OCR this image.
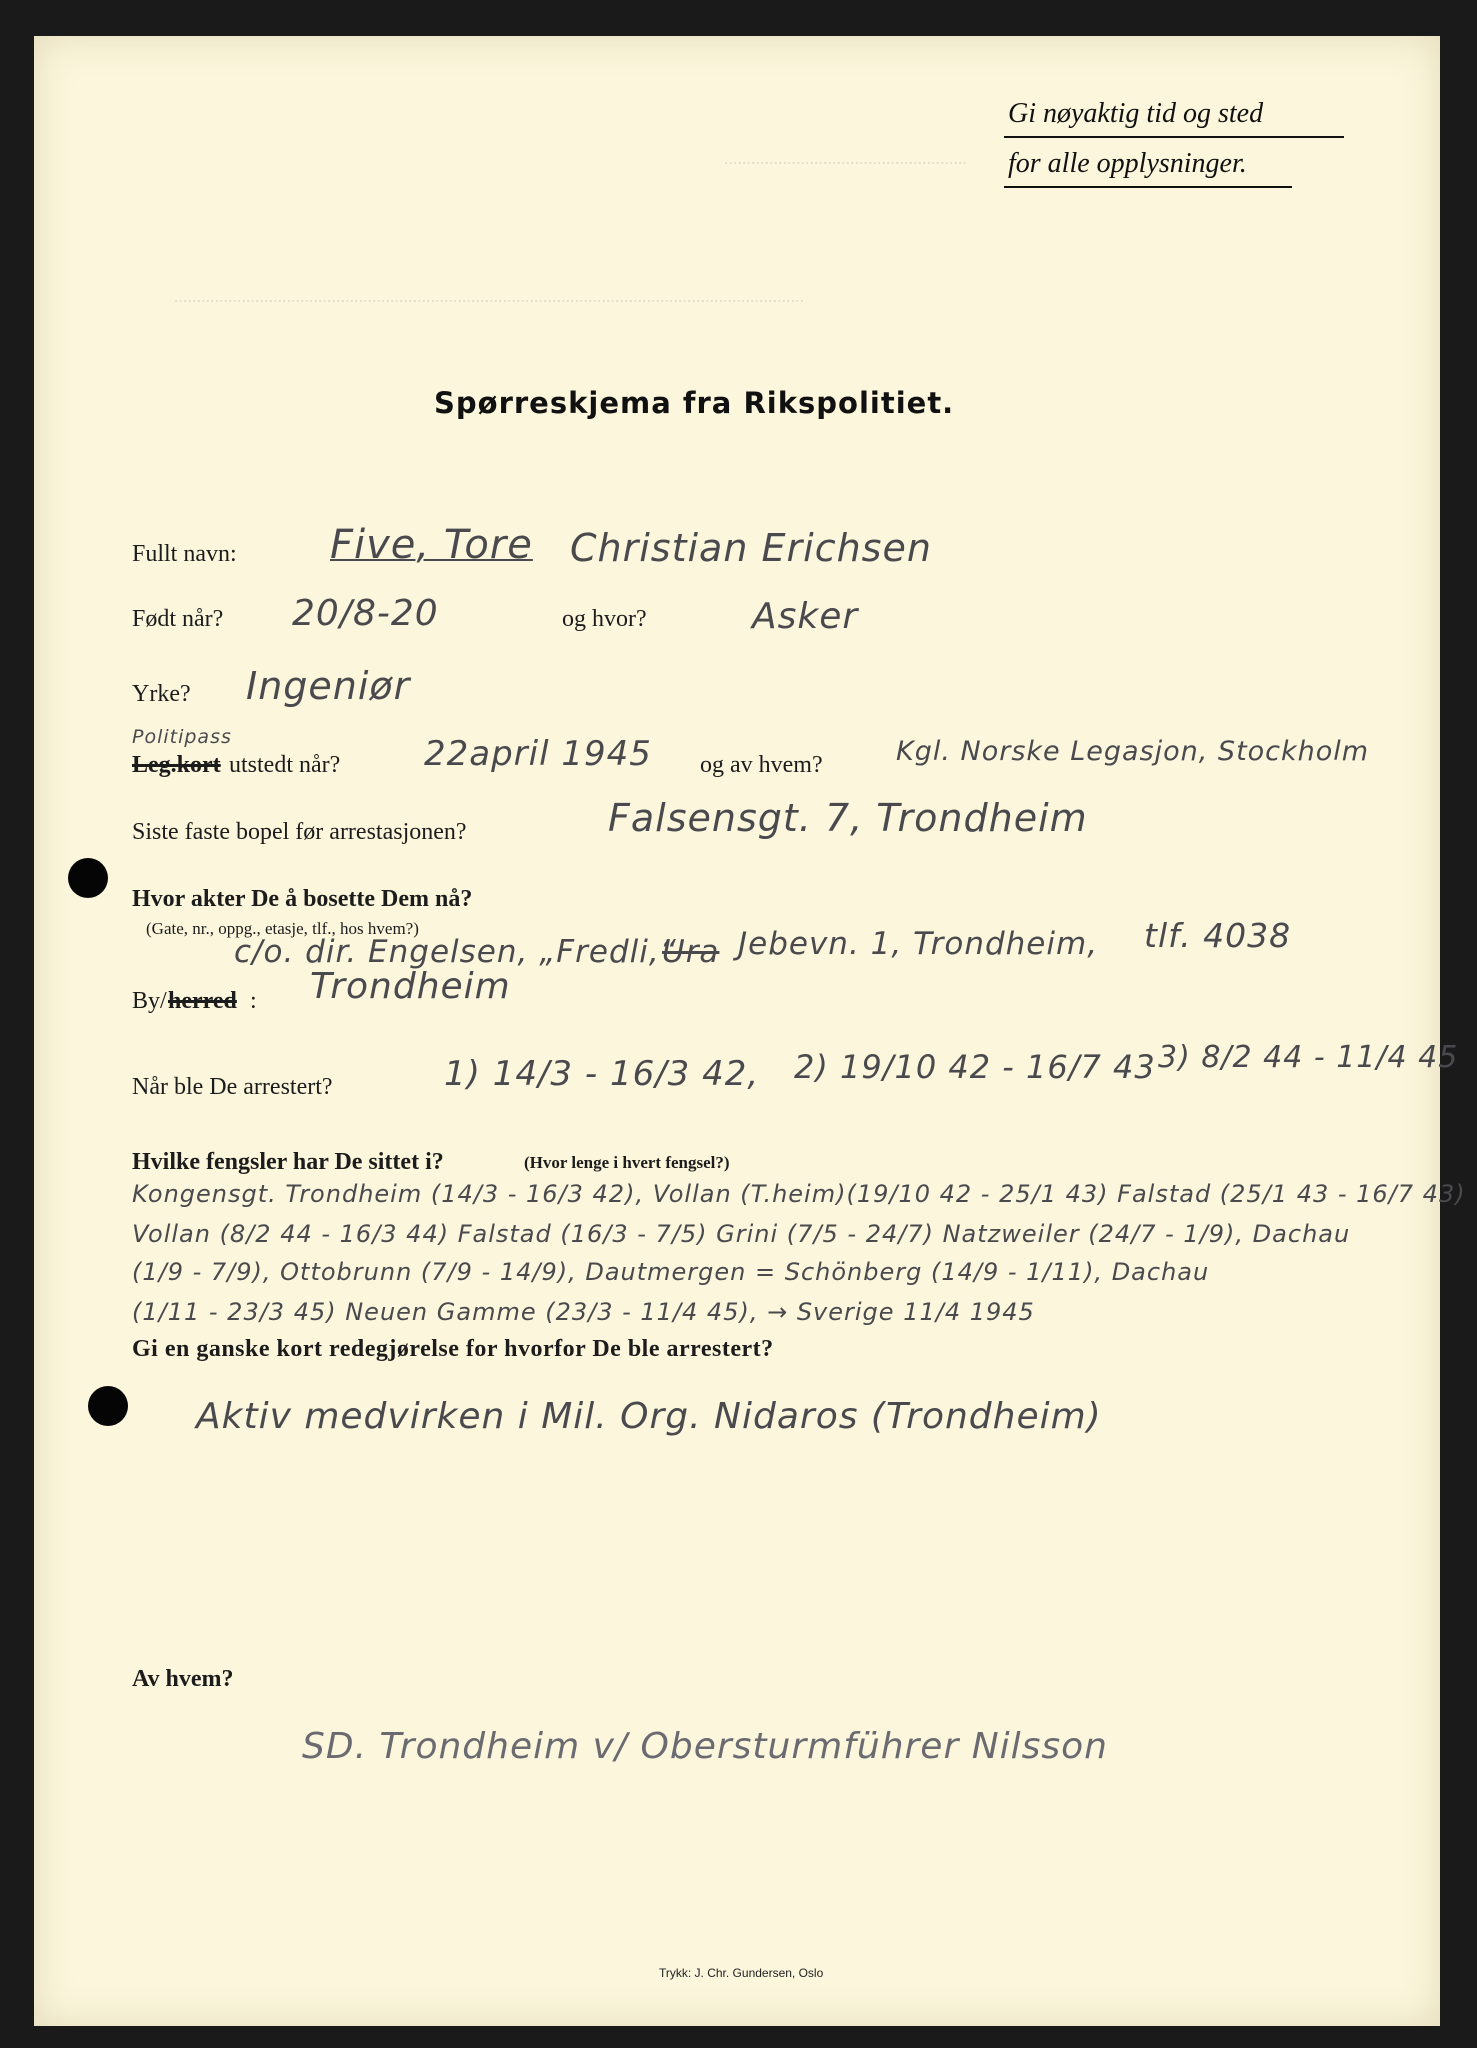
......................................................
............................................................................................................................................
Gi nøyaktig tid og sted
for alle opplysninger.
Spørreskjema fra Rikspolitiet.
Fullt navn: Five, Tore Christian Erichsen
Født når? 20/8-20	og hvor?	Asker
Yrke? Ingeniør
Politipass
Leg.kort utstedt når? 22april 1945 og av hvem?	Kgl. Norske Legasjon, Stockholm
Siste faste bopel før arrestasjonen?	Falsensgt. 7, Trondheim
Hvor akter De å bosette Dem nå?
(Gate, nr., oppg., etasje, tlf., hos hvem?)
c/o. dir. Engelsen, „Fredli,“
Ura Jebevn. 1, Trondheim, tlf. 4038
By/ herred : Trondheim
Når ble De arrestert?	1) 14/3 - 16/3 42, 2) 19/10 42 - 16/7 43 3) 8/2 44 - 11/4 45
Hvilke fengsler har De sittet i?	(Hvor lenge i hvert fengsel?)
Kongensgt. Trondheim (14/3 - 16/3 42), Vollan (T.heim)(19/10 42 - 25/1 43) Falstad (25/1 43 - 16/7 43)
Vollan (8/2 44 - 16/3 44) Falstad (16/3 - 7/5) Grini (7/5 - 24/7) Natzweiler (24/7 - 1/9), Dachau
(1/9 - 7/9), Ottobrunn (7/9 - 14/9), Dautmergen = Schönberg (14/9 - 1/11), Dachau
(1/11 - 23/3 45) Neuen Gamme (23/3 - 11/4 45), → Sverige 11/4 1945
Gi en ganske kort redegjørelse for hvorfor De ble arrestert?
Aktiv medvirken i Mil. Org. Nidaros (Trondheim)
Av hvem?
SD. Trondheim v/ Obersturmführer Nilsson
Trykk: J. Chr. Gundersen, Oslo
